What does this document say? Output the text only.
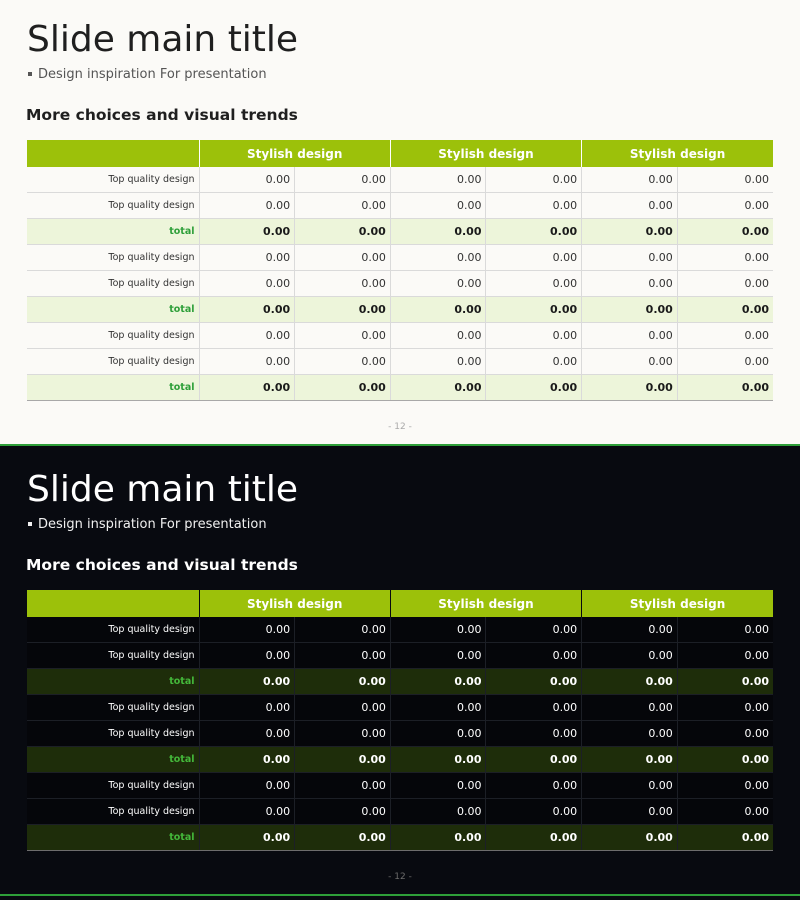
Slide main title
Design inspiration For presentation
More choices and visual trends
	Stylish design		Stylish design		Stylish design	
Top quality design	0.00	0.00	0.00	0.00	0.00	0.00
Top quality design	0.00	0.00	0.00	0.00	0.00	0.00
total	0.00	0.00	0.00	0.00	0.00	0.00
Top quality design	0.00	0.00	0.00	0.00	0.00	0.00
Top quality design	0.00	0.00	0.00	0.00	0.00	0.00
total	0.00	0.00	0.00	0.00	0.00	0.00
Top quality design	0.00	0.00	0.00	0.00	0.00	0.00
Top quality design	0.00	0.00	0.00	0.00	0.00	0.00
total	0.00	0.00	0.00	0.00	0.00	0.00
- 12 -
Slide main title
Design inspiration For presentation
More choices and visual trends
	Stylish design		Stylish design		Stylish design	
Top quality design	0.00	0.00	0.00	0.00	0.00	0.00
Top quality design	0.00	0.00	0.00	0.00	0.00	0.00
total	0.00	0.00	0.00	0.00	0.00	0.00
Top quality design	0.00	0.00	0.00	0.00	0.00	0.00
Top quality design	0.00	0.00	0.00	0.00	0.00	0.00
total	0.00	0.00	0.00	0.00	0.00	0.00
Top quality design	0.00	0.00	0.00	0.00	0.00	0.00
Top quality design	0.00	0.00	0.00	0.00	0.00	0.00
total	0.00	0.00	0.00	0.00	0.00	0.00
- 12 -
